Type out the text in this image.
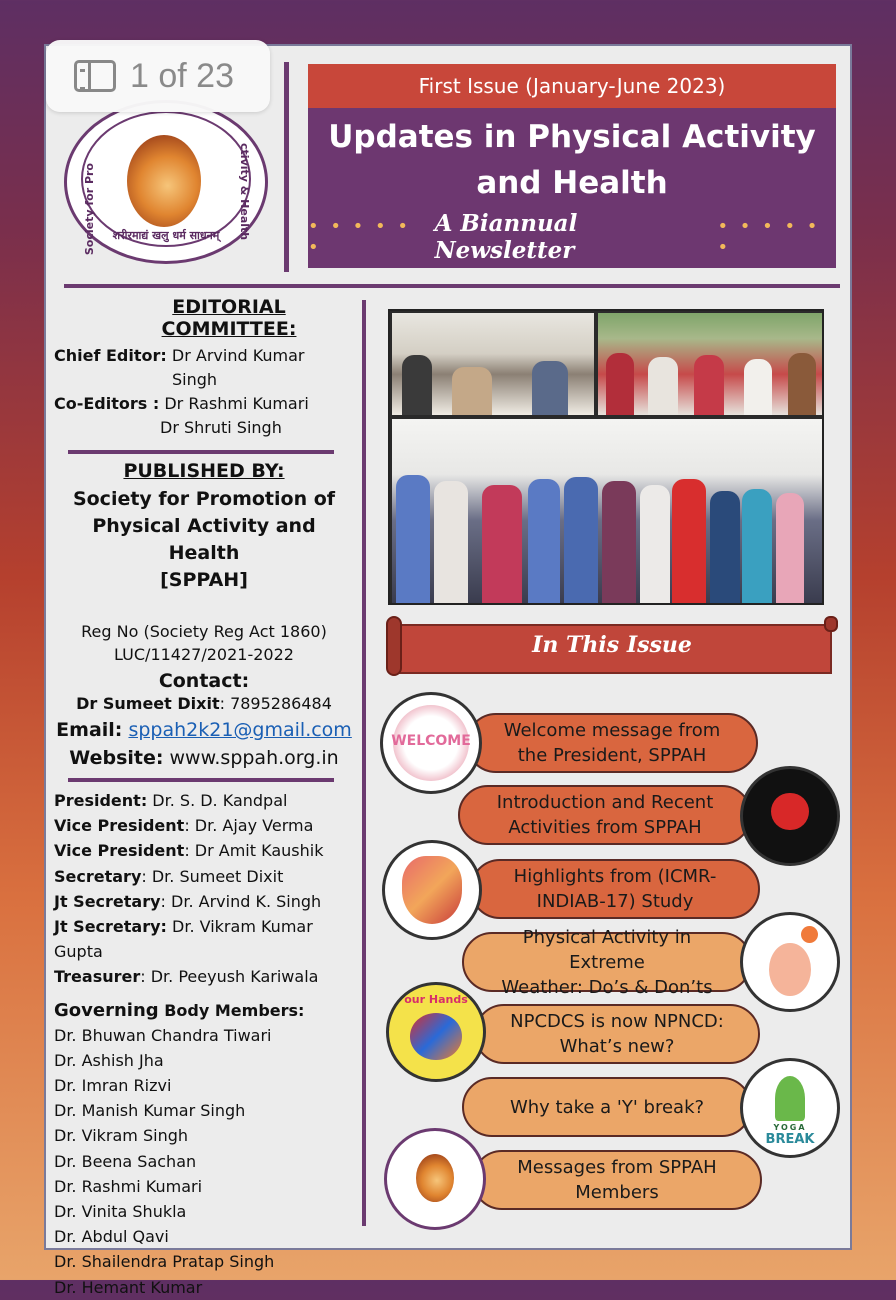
1 of 23
Society for Pro	ctivity & Health
शरीरमाद्यं खलु धर्म साधनम्
First Issue (January-June 2023)
Updates in Physical Activity
and Health
• • • • • •
A Biannual Newsletter
• • • • • •
EDITORIAL COMMITTEE:
Chief Editor: Dr Arvind Kumar
Singh
Co-Editors : Dr Rashmi Kumari
Dr Shruti Singh
PUBLISHED BY:
Society for Promotion of
Physical Activity and Health
[SPPAH]
Reg No (Society Reg Act 1860)
LUC/11427/2021-2022
Contact:
Dr Sumeet Dixit: 7895286484
Email: sppah2k21@gmail.com
Website: www.sppah.org.in
President: Dr. S. D. Kandpal
Vice President: Dr. Ajay Verma
Vice President: Dr Amit Kaushik
Secretary: Dr. Sumeet Dixit
Jt Secretary: Dr. Arvind K. Singh
Jt Secretary: Dr. Vikram Kumar Gupta
Treasurer: Dr. Peeyush Kariwala
Governing Body Members:
Dr. Bhuwan Chandra Tiwari
Dr. Ashish Jha
Dr. Imran Rizvi
Dr. Manish Kumar Singh
Dr. Vikram Singh
Dr. Beena Sachan
Dr. Rashmi Kumari
Dr. Vinita Shukla
Dr. Abdul Qavi
Dr. Shailendra Pratap Singh
Dr. Hemant Kumar
In This Issue
Welcome message from
the President, SPPAH
Introduction and Recent
Activities from SPPAH
Highlights from (ICMR-
INDIAB-17) Study
Physical Activity in Extreme
Weather: Do’s & Don’ts
NPCDCS is now NPNCD:
What’s new?
Why take a 'Y' break?
Messages from SPPAH
Members
WELCOME
our Hands
YOGA
BREAK
